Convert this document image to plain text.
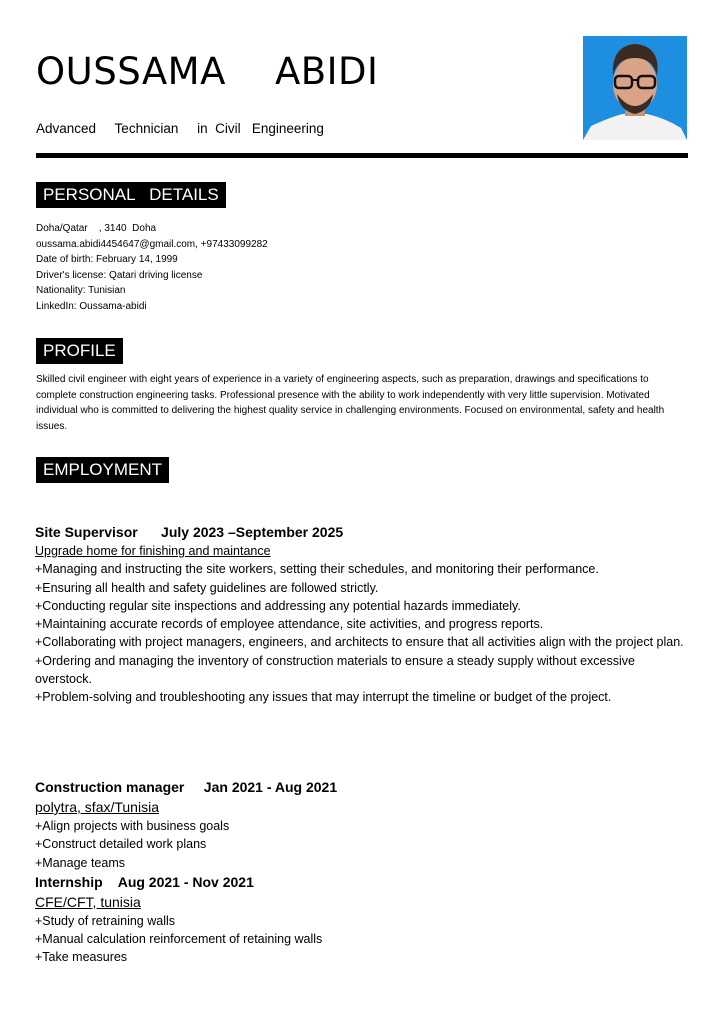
OUSSAMA    ABIDI
Advanced     Technician     in  Civil   Engineering
PERSONAL   DETAILS
Doha/Qatar    , 3140  Doha
oussama.abidi4454647@gmail.com, +97433099282
Date of birth: February 14, 1999
Driver's license: Qatari driving license
Nationality: Tunisian
LinkedIn: Oussama-abidi
PROFILE
Skilled civil engineer with eight years of experience in a variety of engineering aspects, such as preparation, drawings and specifications to complete construction engineering tasks. Professional presence with the ability to work independently with very little supervision. Motivated individual who is committed to delivering the highest quality service in challenging environments. Focused on environmental, safety and health issues.
EMPLOYMENT
Site Supervisor      July 2023 –September 2025
Upgrade home for finishing and maintance
+Managing and instructing the site workers, setting their schedules, and monitoring their performance.
+Ensuring all health and safety guidelines are followed strictly.
+Conducting regular site inspections and addressing any potential hazards immediately.
+Maintaining accurate records of employee attendance, site activities, and progress reports.
+Collaborating with project managers, engineers, and architects to ensure that all activities align with the project plan.
+Ordering and managing the inventory of construction materials to ensure a steady supply without excessive overstock.
+Problem-solving and troubleshooting any issues that may interrupt the timeline or budget of the project.
Construction manager     Jan 2021 - Aug 2021
polytra, sfax/Tunisia
+Align projects with business goals
+Construct detailed work plans
+Manage teams
Internship    Aug 2021 - Nov 2021
CFE/CFT, tunisia
+Study of retraining walls
+Manual calculation reinforcement of retaining walls
+Take measures
